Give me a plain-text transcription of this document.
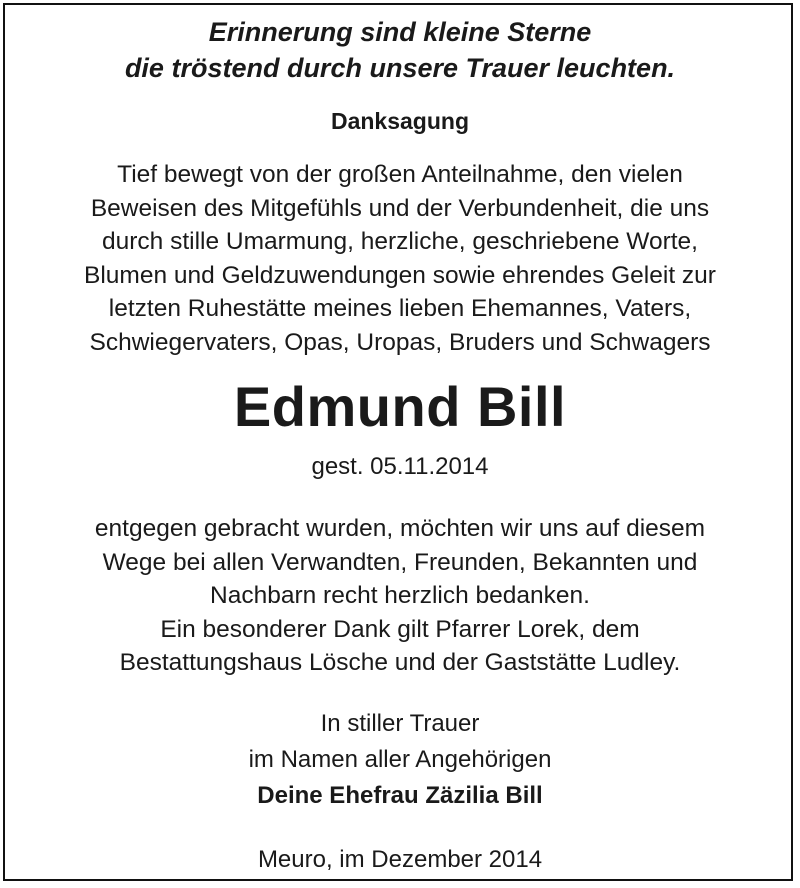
Erinnerung sind kleine Sterne
die tröstend durch unsere Trauer leuchten.
Danksagung
Tief bewegt von der großen Anteilnahme, den vielen
Beweisen des Mitgefühls und der Verbundenheit, die uns
durch stille Umarmung, herzliche, geschriebene Worte,
Blumen und Geldzuwendungen sowie ehrendes Geleit zur
letzten Ruhestätte meines lieben Ehemannes, Vaters,
Schwiegervaters, Opas, Uropas, Bruders und Schwagers
Edmund Bill
gest. 05.11.2014
entgegen gebracht wurden, möchten wir uns auf diesem
Wege bei allen Verwandten, Freunden, Bekannten und
Nachbarn recht herzlich bedanken.
Ein besonderer Dank gilt Pfarrer Lorek, dem
Bestattungshaus Lösche und der Gaststätte Ludley.
In stiller Trauer
im Namen aller Angehörigen
Deine Ehefrau Zäzilia Bill
Meuro, im Dezember 2014
